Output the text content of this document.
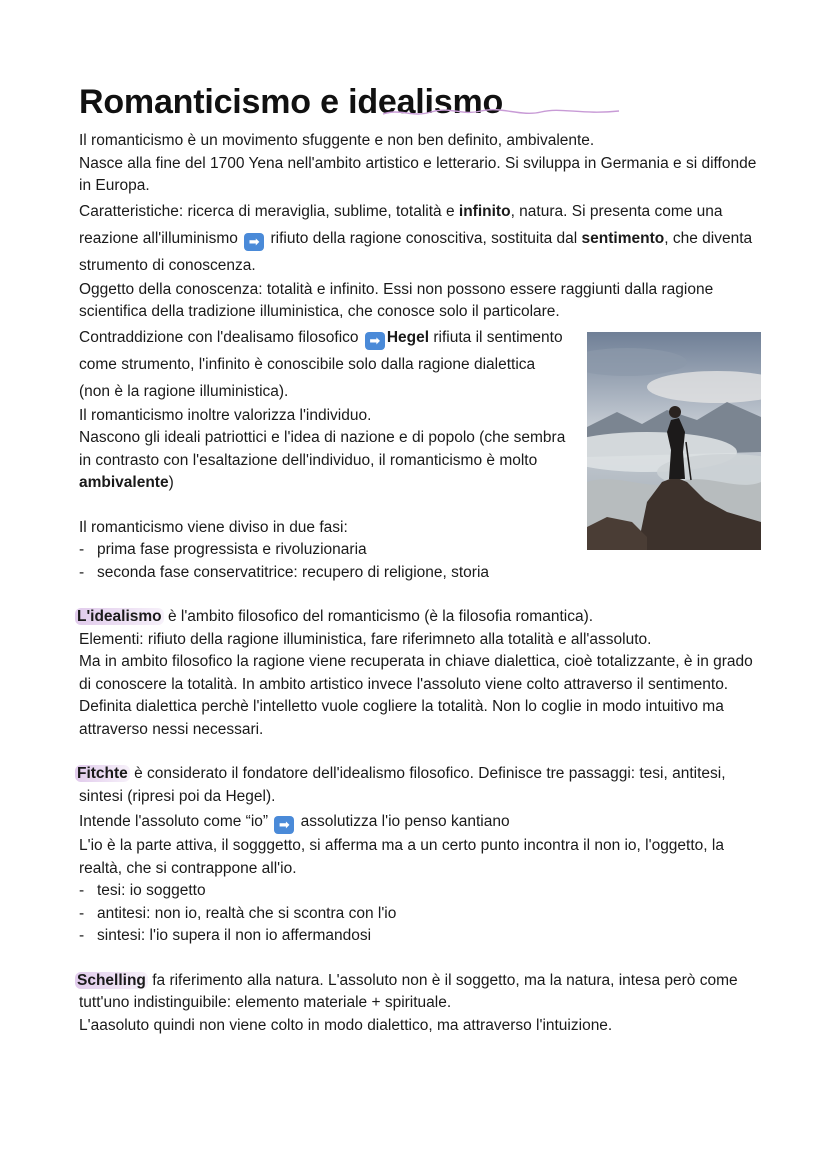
Romanticismo e idealismo

Il romanticismo è un movimento sfuggente e non ben definito, ambivalente.

Nasce alla fine del 1700 Yena nell'ambito artistico e letterario. Si sviluppa in Germania e si diffonde in Europa.

Caratteristiche: ricerca di meraviglia, sublime, totalità e infinito, natura. Si presenta come una reazione all'illuminismo ➡ rifiuto della ragione conoscitiva, sostituita dal sentimento, che diventa strumento di conoscenza.

Oggetto della conoscenza: totalità e infinito. Essi non possono essere raggiunti dalla ragione scientifica della tradizione illuministica, che conosce solo il particolare.

Contraddizione con l'dealisamo filosofico ➡ Hegel rifiuta il sentimento come strumento, l'infinito è conoscibile solo dalla ragione dialettica (non è la ragione illuministica).

Il romanticismo inoltre valorizza l'individuo.

Nascono gli ideali patriottici e l'idea di nazione e di popolo (che sembra in contrasto con l'esaltazione dell'individuo, il romanticismo è molto ambivalente)

Il romanticismo viene diviso in due fasi:

- prima fase progressista e rivoluzionaria
- seconda fase conservatitrice: recupero di religione, storia

L'idealismo è l'ambito filosofico del romanticismo (è la filosofia romantica).

Elementi: rifiuto della ragione illuministica, fare riferimneto alla totalità e all'assoluto.

Ma in ambito filosofico la ragione viene recuperata in chiave dialettica, cioè totalizzante, è in grado di conoscere la totalità. In ambito artistico invece l'assoluto viene colto attraverso il sentimento.

Definita dialettica perchè l'intelletto vuole cogliere la totalità. Non lo coglie in modo intuitivo ma attraverso nessi necessari.

Fitchte è considerato il fondatore dell'idealismo filosofico. Definisce tre passaggi: tesi, antitesi, sintesi (ripresi poi da Hegel).

Intende l'assoluto come “io” ➡ assolutizza l'io penso kantiano

L'io è la parte attiva, il sogggetto, si afferma ma a un certo punto incontra il non io, l'oggetto, la realtà, che si contrappone all'io.

- tesi: io soggetto
- antitesi: non io, realtà che si scontra con l'io
- sintesi: l'io supera il non io affermandosi

Schelling fa riferimento alla natura. L'assoluto non è il soggetto, ma la natura, intesa però come tutt'uno indistinguibile: elemento materiale + spirituale.

L'aasoluto quindi non viene colto in modo dialettico, ma attraverso l'intuizione.
